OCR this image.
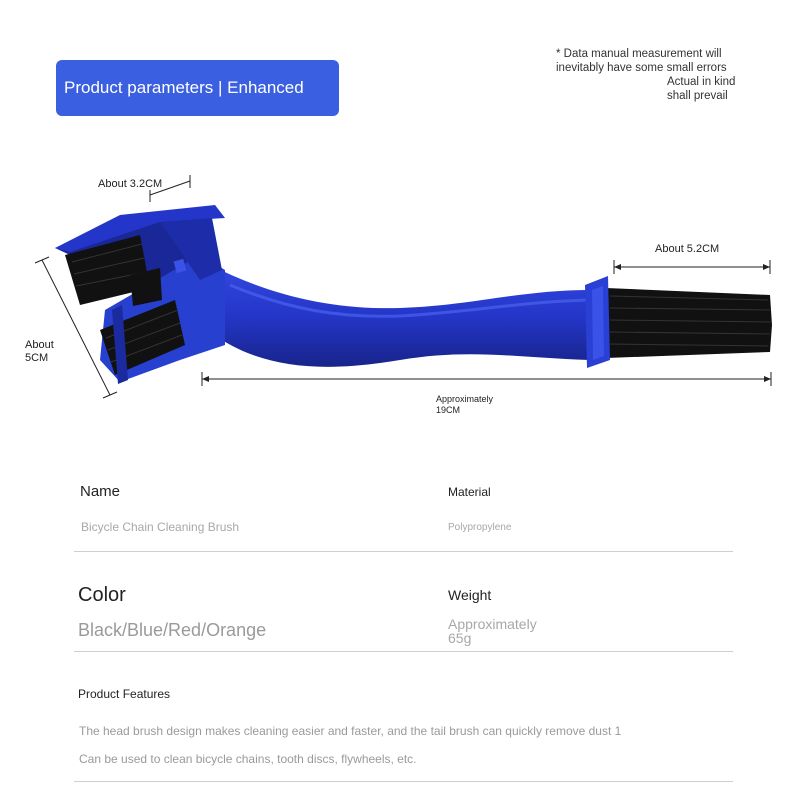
Product parameters | Enhanced
* Data manual measurement will
inevitably have some small errors

Actual in kind
shall prevail
About 3.2CM
About
5CM
About 5.2CM
Approximately
19CM
Name
Bicycle Chain Cleaning Brush
Material
Polypropylene
Color
Black/Blue/Red/Orange
Weight
Approximately
65g
Product Features
The head brush design makes cleaning easier and faster, and the tail brush can quickly remove dust 1
Can be used to clean bicycle chains, tooth discs, flywheels, etc.
